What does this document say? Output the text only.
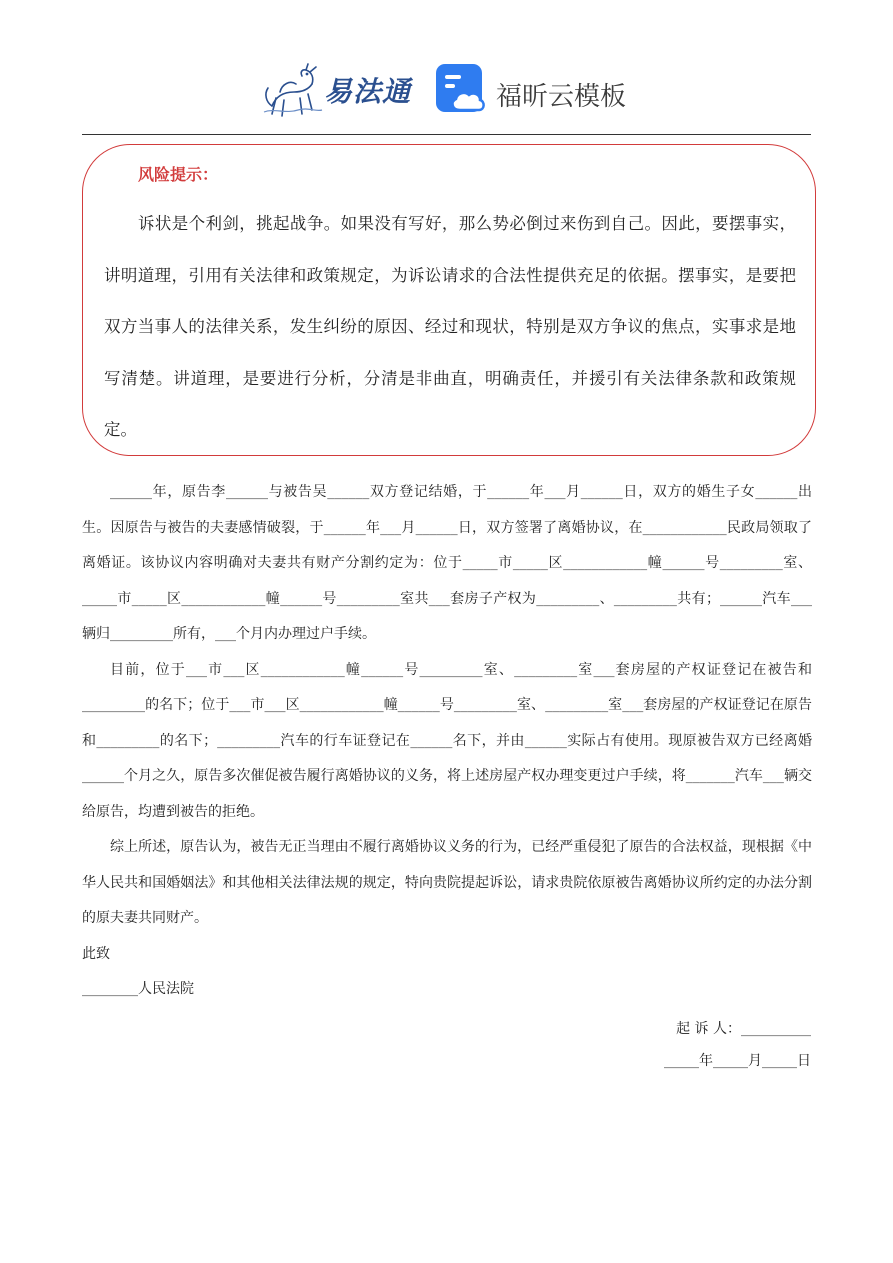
易法通	福昕云模板
风险提示：
诉状是个利剑，挑起战争。如果没有写好，那么势必倒过来伤到自己。因此，要摆事实，讲明道理，引用有关法律和政策规定，为诉讼请求的合法性提供充足的依据。摆事实，是要把双方当事人的法律关系，发生纠纷的原因、经过和现状，特别是双方争议的焦点，实事求是地写清楚。讲道理，是要进行分析，分清是非曲直，明确责任，并援引有关法律条款和政策规定。

______年，原告李______与被告吴______双方登记结婚，于______年___月______日，双方的婚生子女______出生。因原告与被告的夫妻感情破裂，于______年___月______日，双方签署了离婚协议，在____________民政局领取了离婚证。该协议内容明确对夫妻共有财产分割约定为：位于_____市_____区____________幢______号_________室、_____市_____区____________幢______号_________室共___套房子产权为_________、_________共有；______汽车___辆归_________所有，___个月内办理过户手续。

目前，位于___市___区____________幢______号_________室、_________室___套房屋的产权证登记在被告和_________的名下；位于___市___区____________幢______号_________室、_________室___套房屋的产权证登记在原告和_________的名下；_________汽车的行车证登记在______名下，并由______实际占有使用。现原被告双方已经离婚______个月之久，原告多次催促被告履行离婚协议的义务，将上述房屋产权办理变更过户手续，将_______汽车___辆交给原告，均遭到被告的拒绝。

综上所述，原告认为，被告无正当理由不履行离婚协议义务的行为，已经严重侵犯了原告的合法权益，现根据《中华人民共和国婚姻法》和其他相关法律法规的规定，特向贵院提起诉讼，请求贵院依原被告离婚协议所约定的办法分割的原夫妻共同财产。

此致

________人民法院

起 诉 人：__________
_____年_____月_____日
